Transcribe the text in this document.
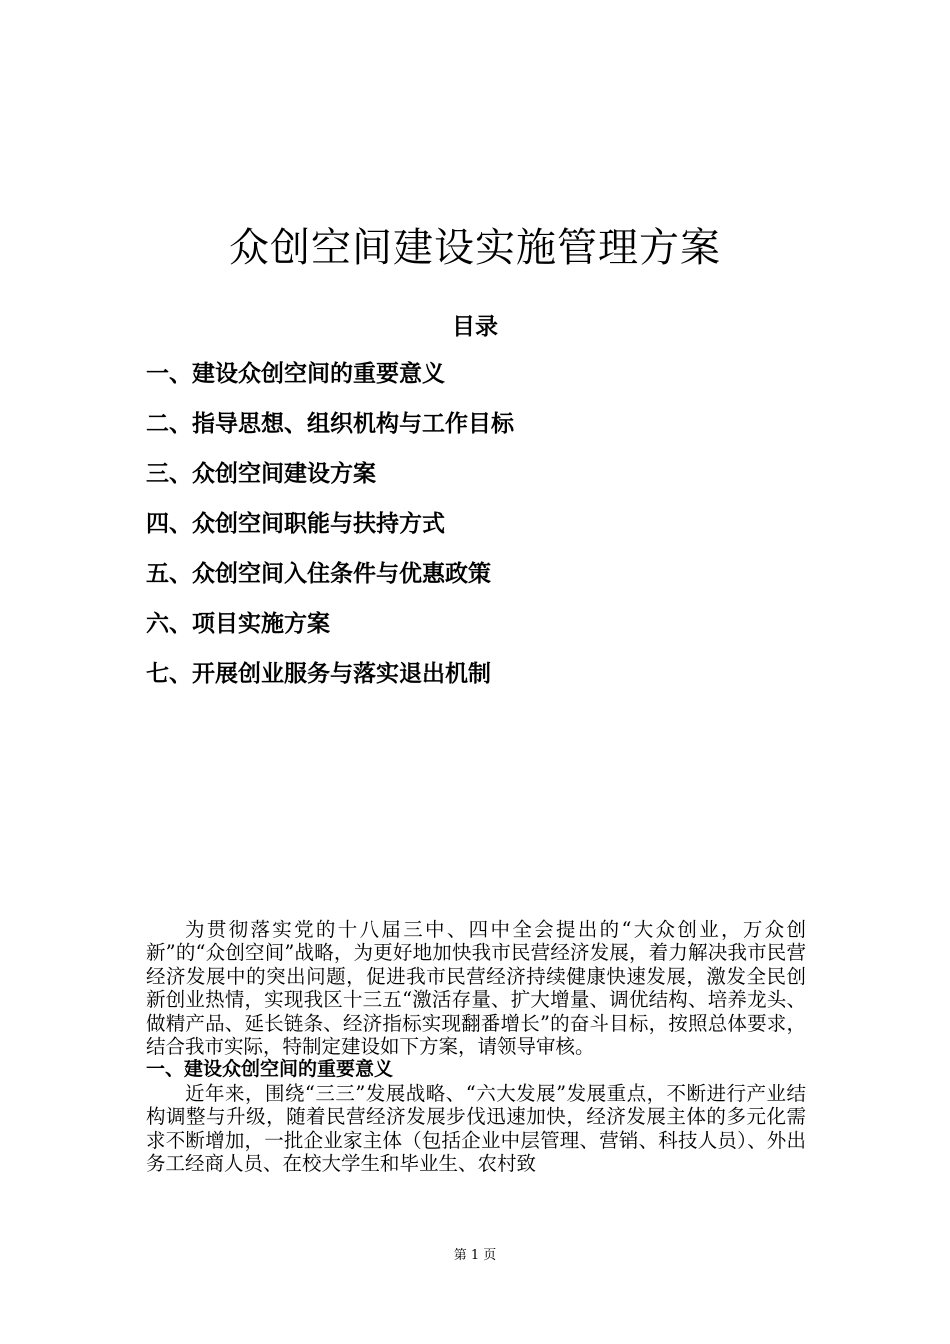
众创空间建设实施管理方案
目录
一、建设众创空间的重要意义
二、指导思想、组织机构与工作目标
三、众创空间建设方案
四、众创空间职能与扶持方式
五、众创空间入住条件与优惠政策
六、项目实施方案
七、开展创业服务与落实退出机制

为贯彻落实党的十八届三中、四中全会提出的“大众创业，万众创新”的“众创空间”战略，为更好地加快我市民营经济发展，着力解决我市民营经济发展中的突出问题，促进我市民营经济持续健康快速发展，激发全民创新创业热情，实现我区十三五“激活存量、扩大增量、调优结构、培养龙头、做精产品、延长链条、经济指标实现翻番增长”的奋斗目标，按照总体要求，结合我市实际，特制定建设如下方案，请领导审核。

一、建设众创空间的重要意义

近年来，围绕“三三”发展战略、“六大发展”发展重点，不断进行产业结构调整与升级，随着民营经济发展步伐迅速加快，经济发展主体的多元化需求不断增加，一批企业家主体（包括企业中层管理、营销、科技人员）、外出务工经商人员、在校大学生和毕业生、农村致

第 1 页
